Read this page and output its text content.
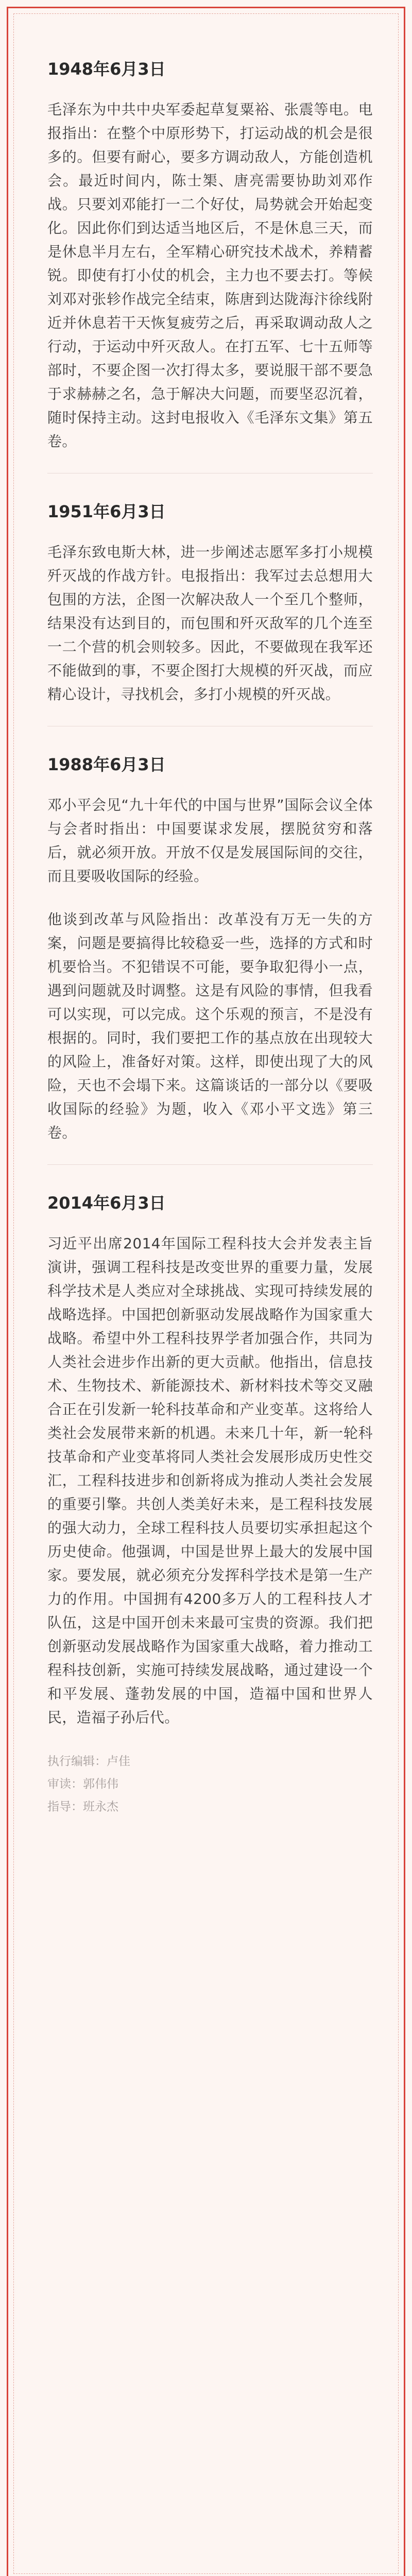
1948年6月3日

毛泽东为中共中央军委起草复粟裕、张震等电。电报指出：在整个中原形势下，打运动战的机会是很多的。但要有耐心，要多方调动敌人，方能创造机会。最近时间内，陈士榘、唐亮需要协助刘邓作战。只要刘邓能打一二个好仗，局势就会开始起变化。因此你们到达适当地区后，不是休息三天，而是休息半月左右，全军精心研究技术战术，养精蓄锐。即使有打小仗的机会，主力也不要去打。等候刘邓对张轸作战完全结束，陈唐到达陇海汴徐线附近并休息若干天恢复疲劳之后，再采取调动敌人之行动，于运动中歼灭敌人。在打五军、七十五师等部时，不要企图一次打得太多，要说服干部不要急于求赫赫之名，急于解决大问题，而要坚忍沉着，随时保持主动。这封电报收入《毛泽东文集》第五卷。

1951年6月3日

毛泽东致电斯大林，进一步阐述志愿军多打小规模歼灭战的作战方针。电报指出：我军过去总想用大包围的方法，企图一次解决敌人一个至几个整师，结果没有达到目的，而包围和歼灭敌军的几个连至一二个营的机会则较多。因此，不要做现在我军还不能做到的事，不要企图打大规模的歼灭战，而应精心设计，寻找机会，多打小规模的歼灭战。

1988年6月3日

邓小平会见“九十年代的中国与世界”国际会议全体与会者时指出：中国要谋求发展，摆脱贫穷和落后，就必须开放。开放不仅是发展国际间的交往，而且要吸收国际的经验。

他谈到改革与风险指出：改革没有万无一失的方案，问题是要搞得比较稳妥一些，选择的方式和时机要恰当。不犯错误不可能，要争取犯得小一点，遇到问题就及时调整。这是有风险的事情，但我看可以实现，可以完成。这个乐观的预言，不是没有根据的。同时，我们要把工作的基点放在出现较大的风险上，准备好对策。这样，即使出现了大的风险，天也不会塌下来。这篇谈话的一部分以《要吸收国际的经验》为题，收入《邓小平文选》第三卷。

2014年6月3日

习近平出席2014年国际工程科技大会并发表主旨演讲，强调工程科技是改变世界的重要力量，发展科学技术是人类应对全球挑战、实现可持续发展的战略选择。中国把创新驱动发展战略作为国家重大战略。希望中外工程科技界学者加强合作，共同为人类社会进步作出新的更大贡献。他指出，信息技术、生物技术、新能源技术、新材料技术等交叉融合正在引发新一轮科技革命和产业变革。这将给人类社会发展带来新的机遇。未来几十年，新一轮科技革命和产业变革将同人类社会发展形成历史性交汇，工程科技进步和创新将成为推动人类社会发展的重要引擎。共创人类美好未来，是工程科技发展的强大动力，全球工程科技人员要切实承担起这个历史使命。他强调，中国是世界上最大的发展中国家。要发展，就必须充分发挥科学技术是第一生产力的作用。中国拥有4200多万人的工程科技人才队伍，这是中国开创未来最可宝贵的资源。我们把创新驱动发展战略作为国家重大战略，着力推动工程科技创新，实施可持续发展战略，通过建设一个和平发展、蓬勃发展的中国，造福中国和世界人民，造福子孙后代。

执行编辑：卢佳
审读：郭伟伟
指导：班永杰
